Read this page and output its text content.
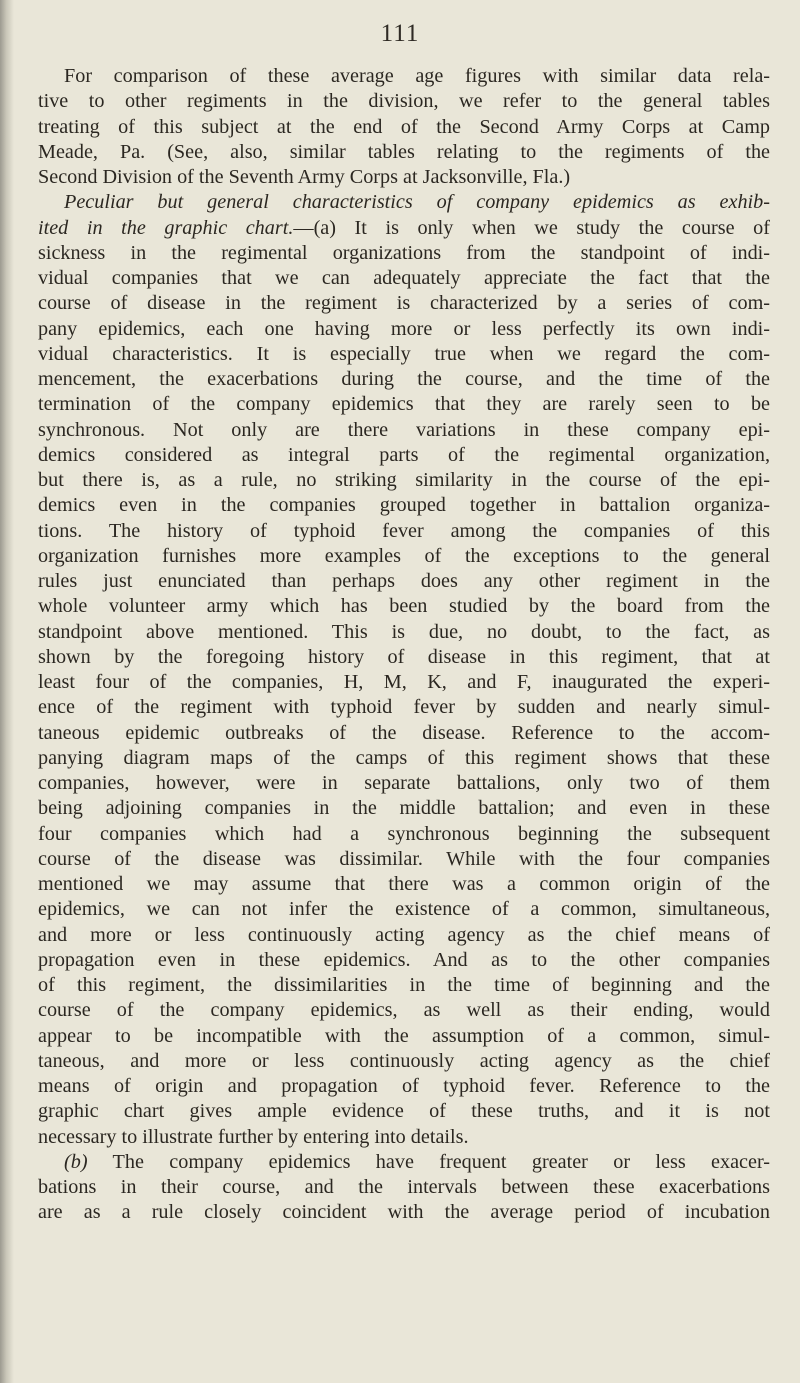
111
For comparison of these average age figures with similar data rela-
tive to other regiments in the division, we refer to the general tables
treating of this subject at the end of the Second Army Corps at Camp
Meade, Pa. (See, also, similar tables relating to the regiments of the
Second Division of the Seventh Army Corps at Jacksonville, Fla.)
Peculiar but general characteristics of company epidemics as exhib-
ited in the graphic chart.—(a) It is only when we study the course of
sickness in the regimental organizations from the standpoint of indi-
vidual companies that we can adequately appreciate the fact that the
course of disease in the regiment is characterized by a series of com-
pany epidemics, each one having more or less perfectly its own indi-
vidual characteristics. It is especially true when we regard the com-
mencement, the exacerbations during the course, and the time of the
termination of the company epidemics that they are rarely seen to be
synchronous. Not only are there variations in these company epi-
demics considered as integral parts of the regimental organization,
but there is, as a rule, no striking similarity in the course of the epi-
demics even in the companies grouped together in battalion organiza-
tions. The history of typhoid fever among the companies of this
organization furnishes more examples of the exceptions to the general
rules just enunciated than perhaps does any other regiment in the
whole volunteer army which has been studied by the board from the
standpoint above mentioned. This is due, no doubt, to the fact, as
shown by the foregoing history of disease in this regiment, that at
least four of the companies, H, M, K, and F, inaugurated the experi-
ence of the regiment with typhoid fever by sudden and nearly simul-
taneous epidemic outbreaks of the disease. Reference to the accom-
panying diagram maps of the camps of this regiment shows that these
companies, however, were in separate battalions, only two of them
being adjoining companies in the middle battalion; and even in these
four companies which had a synchronous beginning the subsequent
course of the disease was dissimilar. While with the four companies
mentioned we may assume that there was a common origin of the
epidemics, we can not infer the existence of a common, simultaneous,
and more or less continuously acting agency as the chief means of
propagation even in these epidemics. And as to the other companies
of this regiment, the dissimilarities in the time of beginning and the
course of the company epidemics, as well as their ending, would
appear to be incompatible with the assumption of a common, simul-
taneous, and more or less continuously acting agency as the chief
means of origin and propagation of typhoid fever. Reference to the
graphic chart gives ample evidence of these truths, and it is not
necessary to illustrate further by entering into details.
(b) The company epidemics have frequent greater or less exacer-
bations in their course, and the intervals between these exacerbations
are as a rule closely coincident with the average period of incubation
